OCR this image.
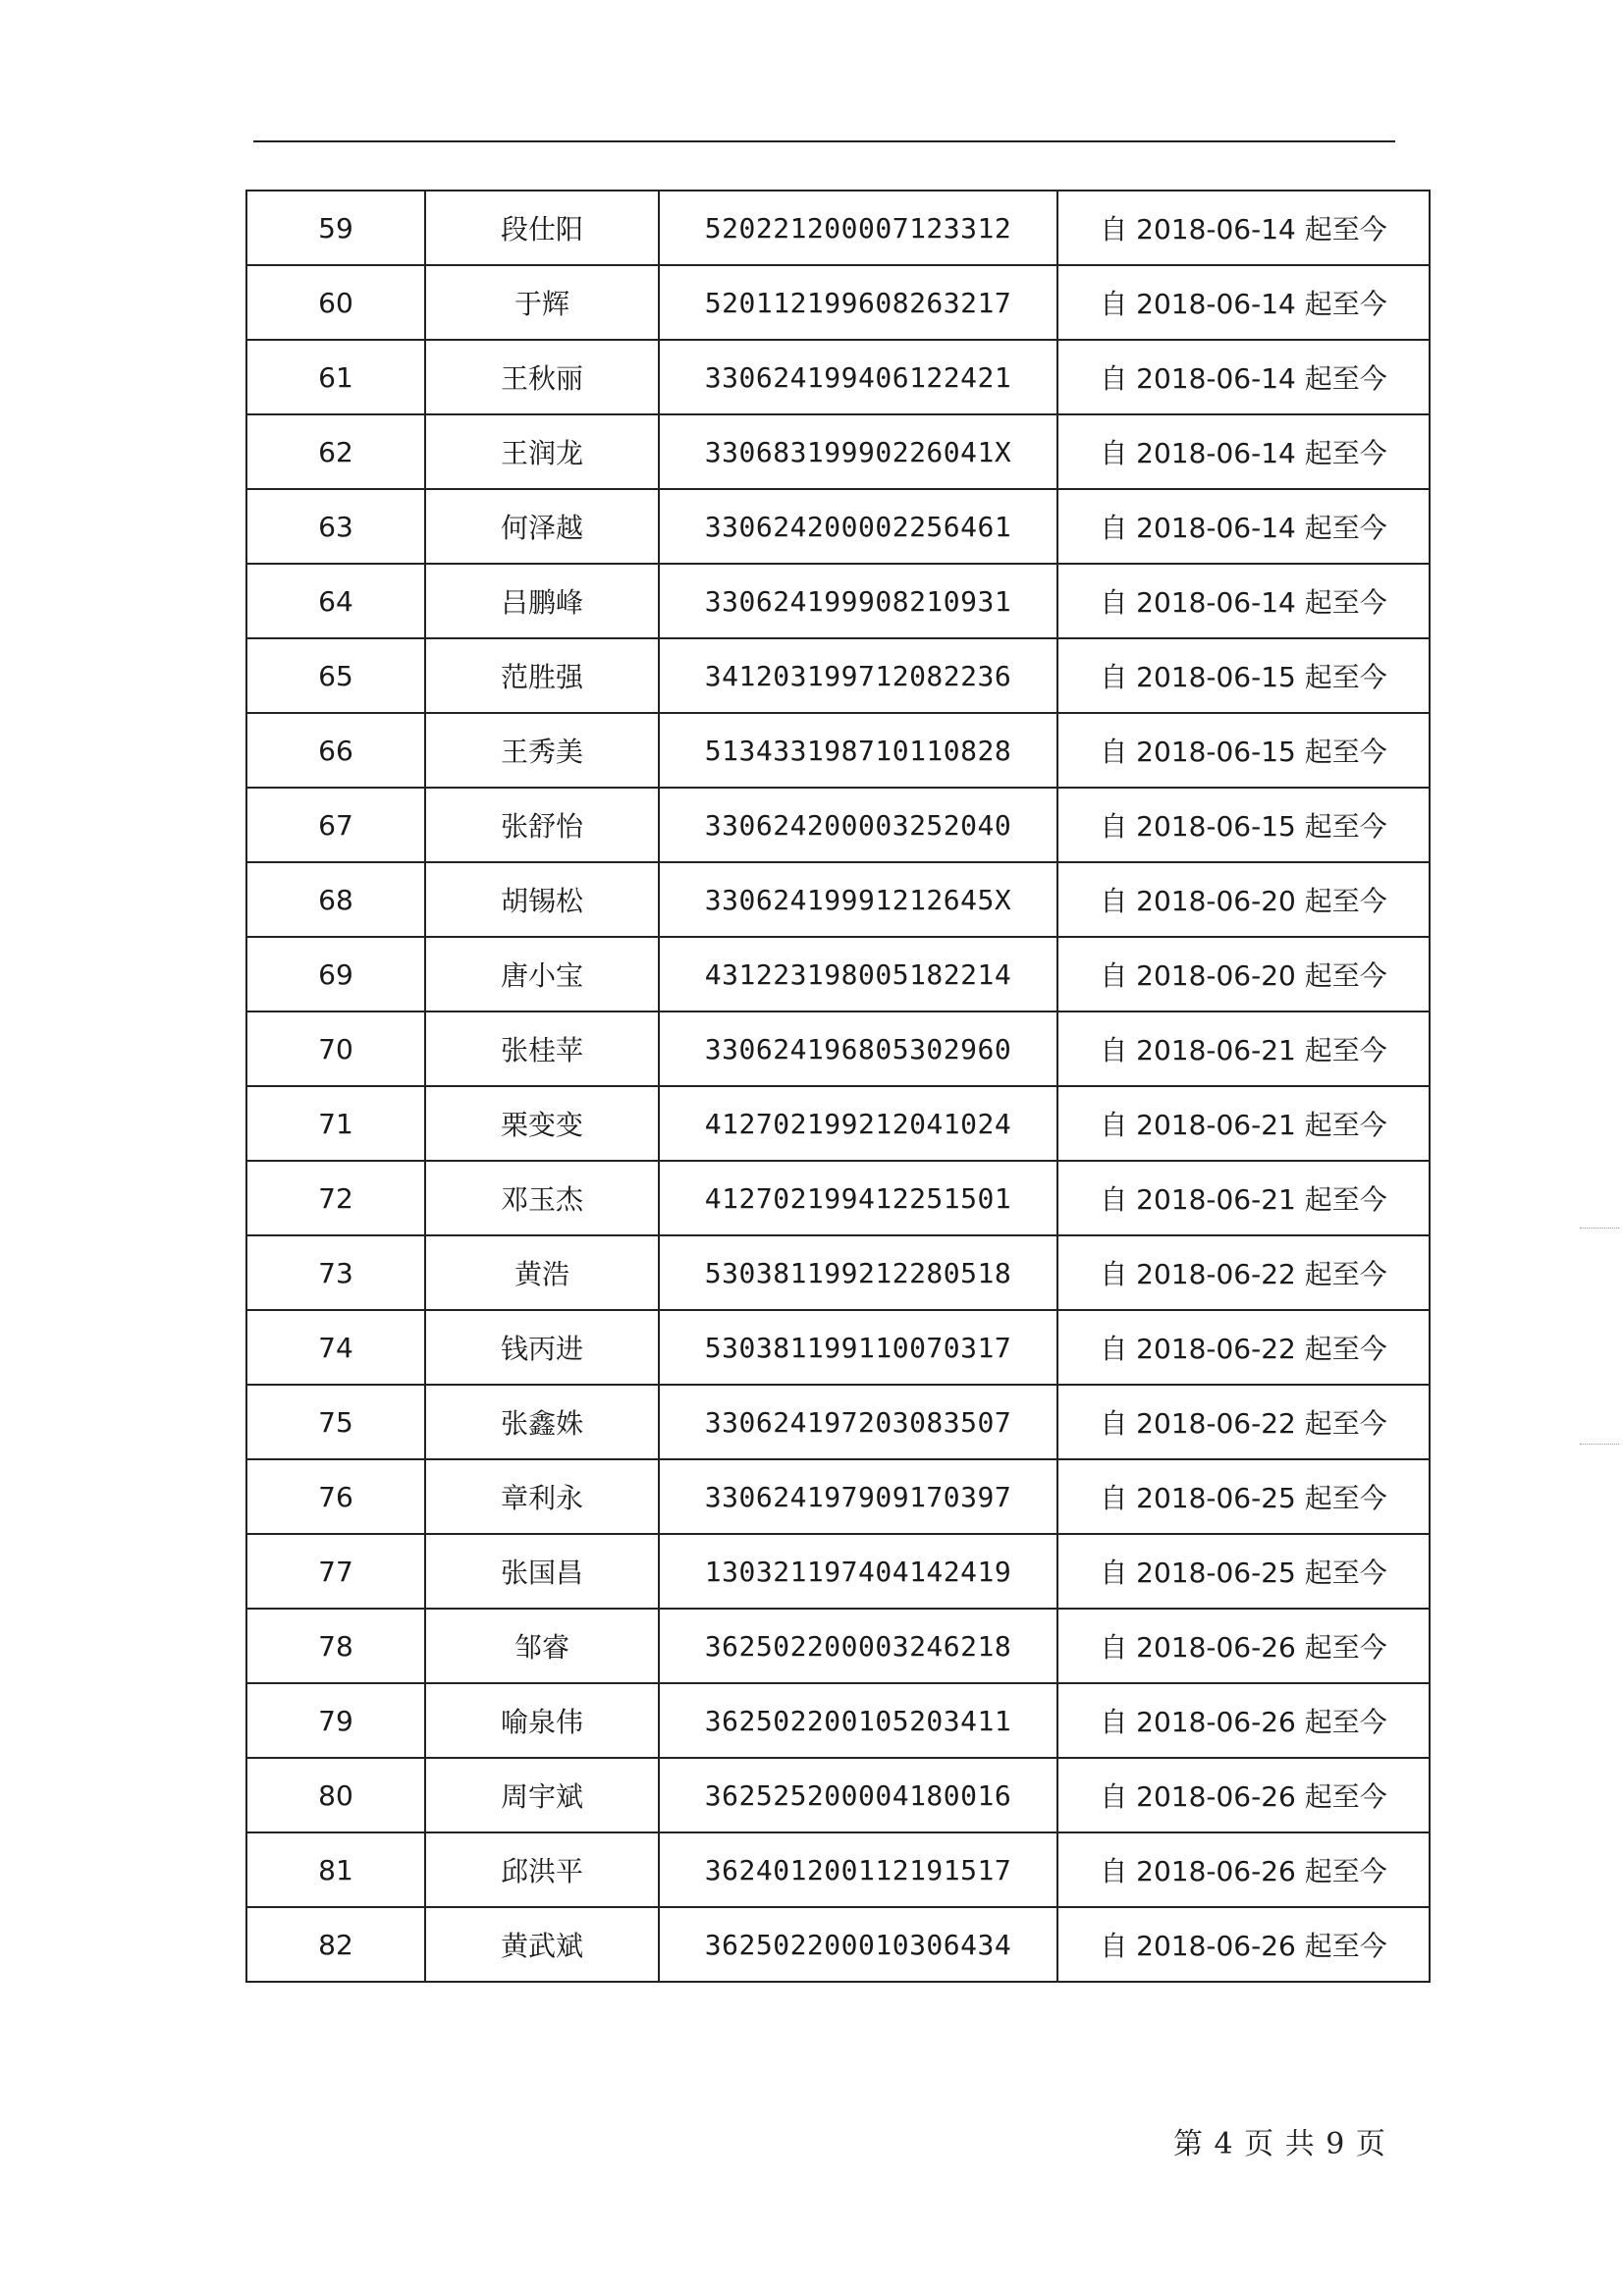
59	段仕阳	520221200007123312	自 2018-06-14 起至今
60	于辉	520112199608263217	自 2018-06-14 起至今
61	王秋丽	330624199406122421	自 2018-06-14 起至今
62	王润龙	33068319990226041X	自 2018-06-14 起至今
63	何泽越	330624200002256461	自 2018-06-14 起至今
64	吕鹏峰	330624199908210931	自 2018-06-14 起至今
65	范胜强	341203199712082236	自 2018-06-15 起至今
66	王秀美	513433198710110828	自 2018-06-15 起至今
67	张舒怡	330624200003252040	自 2018-06-15 起至今
68	胡锡松	33062419991212645X	自 2018-06-20 起至今
69	唐小宝	431223198005182214	自 2018-06-20 起至今
70	张桂苹	330624196805302960	自 2018-06-21 起至今
71	栗变变	412702199212041024	自 2018-06-21 起至今
72	邓玉杰	412702199412251501	自 2018-06-21 起至今
73	黄浩	530381199212280518	自 2018-06-22 起至今
74	钱丙进	530381199110070317	自 2018-06-22 起至今
75	张鑫姝	330624197203083507	自 2018-06-22 起至今
76	章利永	330624197909170397	自 2018-06-25 起至今
77	张国昌	130321197404142419	自 2018-06-25 起至今
78	邹睿	362502200003246218	自 2018-06-26 起至今
79	喻泉伟	362502200105203411	自 2018-06-26 起至今
80	周宇斌	362525200004180016	自 2018-06-26 起至今
81	邱洪平	362401200112191517	自 2018-06-26 起至今
82	黄武斌	362502200010306434	自 2018-06-26 起至今
第 4 页 共 9 页
